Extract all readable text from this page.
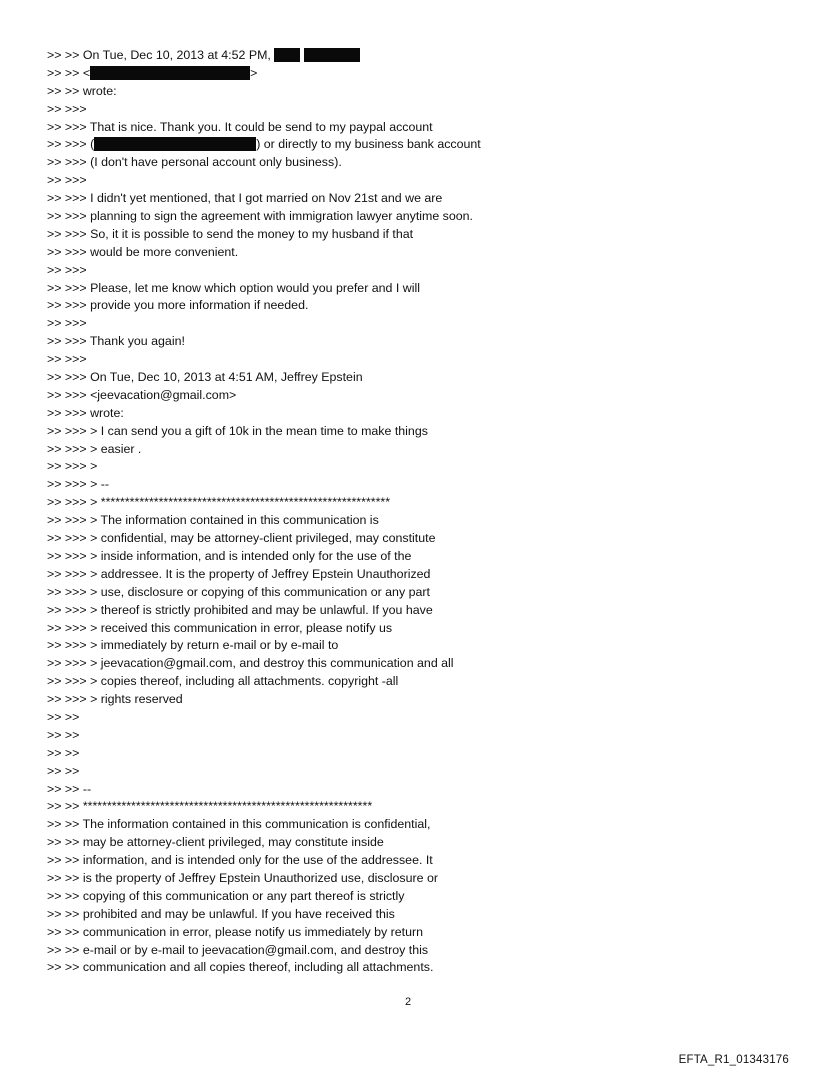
>> >> On Tue, Dec 10, 2013 at 4:52 PM,
>> >> <	>
>> >> wrote:
>> >>>
>> >>> That is nice. Thank you. It could be send to my paypal account
>> >>> (	) or directly to my business bank account
>> >>> (I don't have personal account only business).
>> >>>
>> >>> I didn't yet mentioned, that I got married on Nov 21st and we are
>> >>> planning to sign the agreement with immigration lawyer anytime soon.
>> >>> So, it it is possible to send the money to my husband if that
>> >>> would be more convenient.
>> >>>
>> >>> Please, let me know which option would you prefer and I will
>> >>> provide you more information if needed.
>> >>>
>> >>> Thank you again!
>> >>>
>> >>> On Tue, Dec 10, 2013 at 4:51 AM, Jeffrey Epstein
>> >>> <jeevacation@gmail.com>
>> >>> wrote:
>> >>> > I can send you a gift of 10k in the mean time to make things
>> >>> > easier .
>> >>> >
>> >>> > --
>> >>> > ************************************************************
>> >>> > The information contained in this communication is
>> >>> > confidential, may be attorney-client privileged, may constitute
>> >>> > inside information, and is intended only for the use of the
>> >>> > addressee. It is the property of Jeffrey Epstein Unauthorized
>> >>> > use, disclosure or copying of this communication or any part
>> >>> > thereof is strictly prohibited and may be unlawful. If you have
>> >>> > received this communication in error, please notify us
>> >>> > immediately by return e-mail or by e-mail to
>> >>> > jeevacation@gmail.com, and destroy this communication and all
>> >>> > copies thereof, including all attachments. copyright -all
>> >>> > rights reserved
>> >>
>> >>
>> >>
>> >>
>> >> --
>> >> ************************************************************
>> >> The information contained in this communication is confidential,
>> >> may be attorney-client privileged, may constitute inside
>> >> information, and is intended only for the use of the addressee. It
>> >> is the property of Jeffrey Epstein Unauthorized use, disclosure or
>> >> copying of this communication or any part thereof is strictly
>> >> prohibited and may be unlawful. If you have received this
>> >> communication in error, please notify us immediately by return
>> >> e-mail or by e-mail to jeevacation@gmail.com, and destroy this
>> >> communication and all copies thereof, including all attachments.
2
EFTA_R1_01343176
